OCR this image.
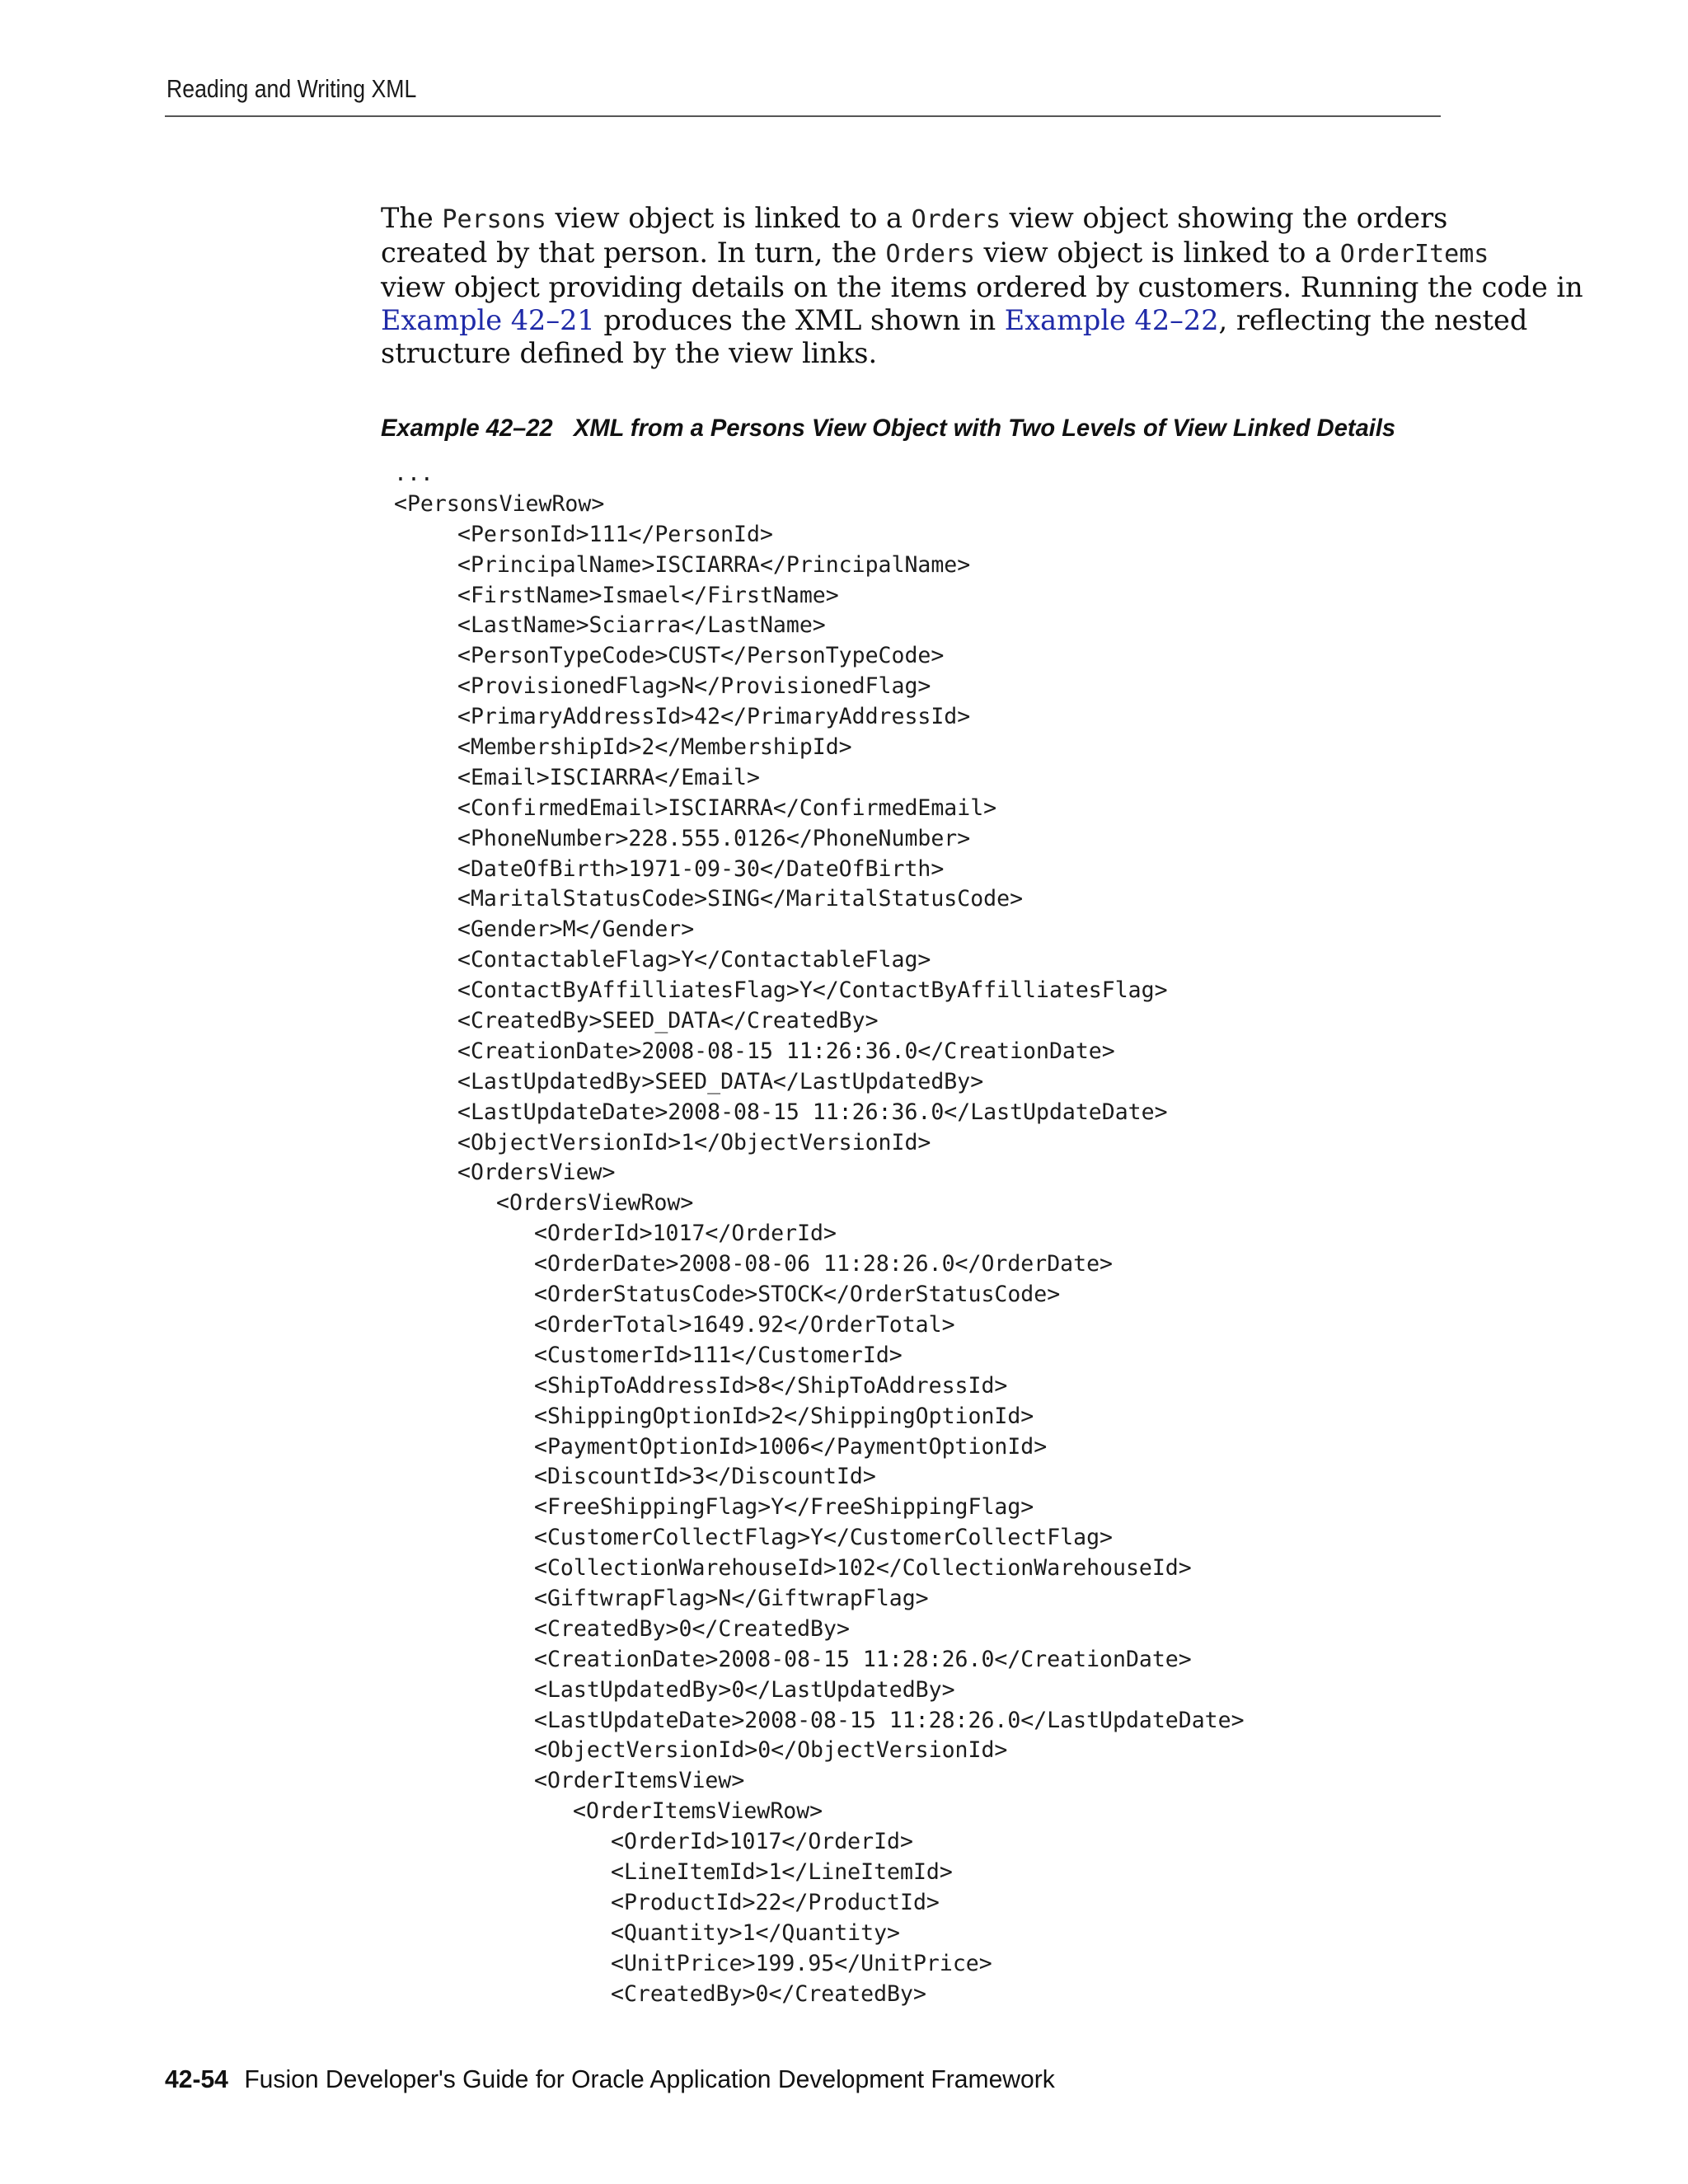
Reading and Writing XML
The Persons view object is linked to a Orders view object showing the orders
created by that person. In turn, the Orders view object is linked to a OrderItems
view object providing details on the items ordered by customers. Running the code in
Example 42–21 produces the XML shown in Example 42–22, reflecting the nested
structure defined by the view links.
Example 42–22 XML from a Persons View Object with Two Levels of View Linked Details
...
<PersonsViewRow>
<PersonId>111</PersonId>
<PrincipalName>ISCIARRA</PrincipalName>
<FirstName>Ismael</FirstName>
<LastName>Sciarra</LastName>
<PersonTypeCode>CUST</PersonTypeCode>
<ProvisionedFlag>N</ProvisionedFlag>
<PrimaryAddressId>42</PrimaryAddressId>
<MembershipId>2</MembershipId>
<Email>ISCIARRA</Email>
<ConfirmedEmail>ISCIARRA</ConfirmedEmail>
<PhoneNumber>228.555.0126</PhoneNumber>
<DateOfBirth>1971-09-30</DateOfBirth>
<MaritalStatusCode>SING</MaritalStatusCode>
<Gender>M</Gender>
<ContactableFlag>Y</ContactableFlag>
<ContactByAffilliatesFlag>Y</ContactByAffilliatesFlag>
<CreatedBy>SEED_DATA</CreatedBy>
<CreationDate>2008-08-15 11:26:36.0</CreationDate>
<LastUpdatedBy>SEED_DATA</LastUpdatedBy>
<LastUpdateDate>2008-08-15 11:26:36.0</LastUpdateDate>
<ObjectVersionId>1</ObjectVersionId>
<OrdersView>
<OrdersViewRow>
<OrderId>1017</OrderId>
<OrderDate>2008-08-06 11:28:26.0</OrderDate>
<OrderStatusCode>STOCK</OrderStatusCode>
<OrderTotal>1649.92</OrderTotal>
<CustomerId>111</CustomerId>
<ShipToAddressId>8</ShipToAddressId>
<ShippingOptionId>2</ShippingOptionId>
<PaymentOptionId>1006</PaymentOptionId>
<DiscountId>3</DiscountId>
<FreeShippingFlag>Y</FreeShippingFlag>
<CustomerCollectFlag>Y</CustomerCollectFlag>
<CollectionWarehouseId>102</CollectionWarehouseId>
<GiftwrapFlag>N</GiftwrapFlag>
<CreatedBy>0</CreatedBy>
<CreationDate>2008-08-15 11:28:26.0</CreationDate>
<LastUpdatedBy>0</LastUpdatedBy>
<LastUpdateDate>2008-08-15 11:28:26.0</LastUpdateDate>
<ObjectVersionId>0</ObjectVersionId>
<OrderItemsView>
<OrderItemsViewRow>
<OrderId>1017</OrderId>
<LineItemId>1</LineItemId>
<ProductId>22</ProductId>
<Quantity>1</Quantity>
<UnitPrice>199.95</UnitPrice>
<CreatedBy>0</CreatedBy>
42-54 Fusion Developer's Guide for Oracle Application Development Framework
